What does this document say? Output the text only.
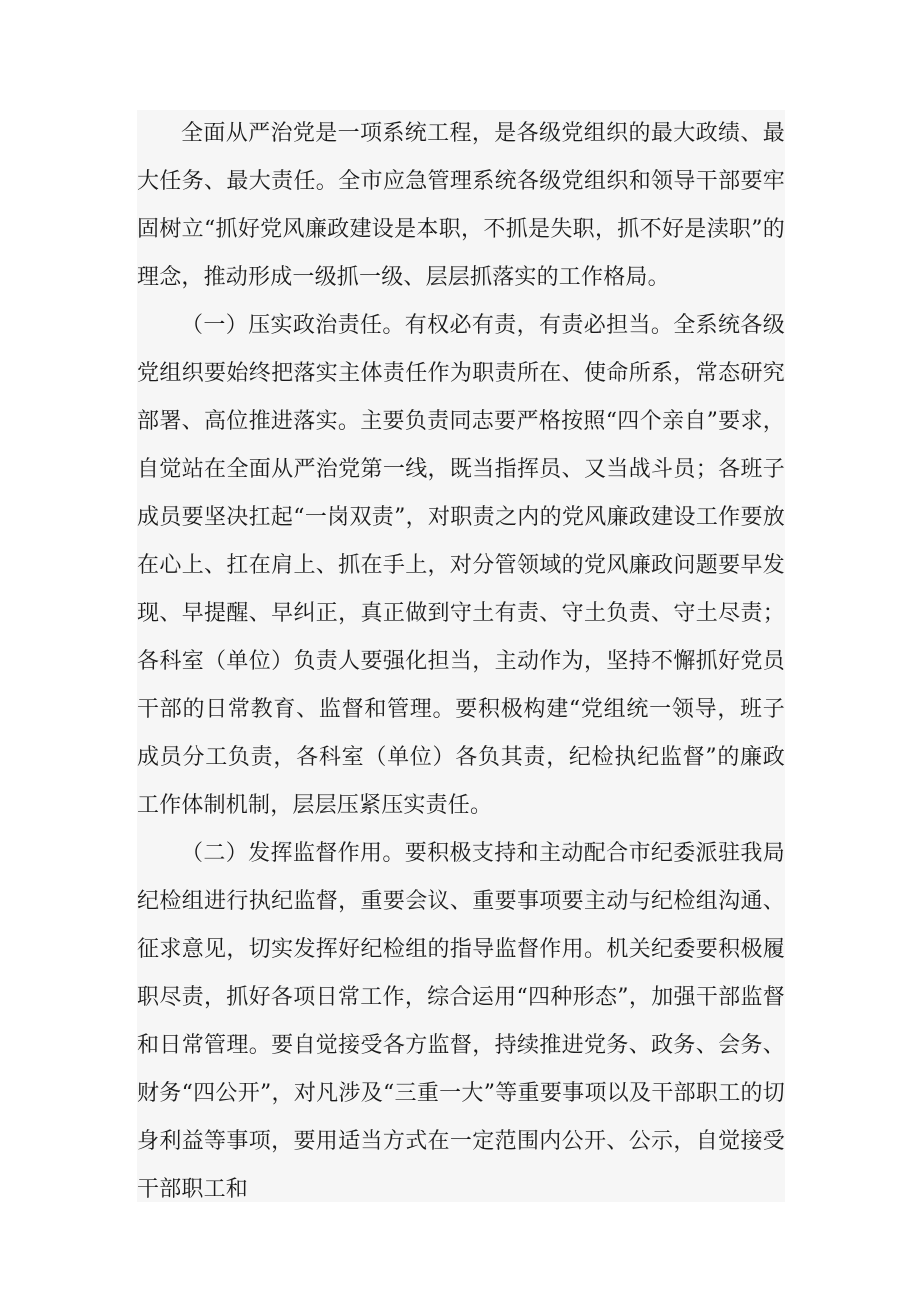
全面从严治党是一项系统工程，是各级党组织的最大政绩、最大任务、最大责任。全市应急管理系统各级党组织和领导干部要牢固树立“抓好党风廉政建设是本职，不抓是失职，抓不好是渎职”的理念，推动形成一级抓一级、层层抓落实的工作格局。

（一）压实政治责任。有权必有责，有责必担当。全系统各级党组织要始终把落实主体责任作为职责所在、使命所系，常态研究部署、高位推进落实。主要负责同志要严格按照“四个亲自”要求，自觉站在全面从严治党第一线，既当指挥员、又当战斗员；各班子成员要坚决扛起“一岗双责”，对职责之内的党风廉政建设工作要放在心上、扛在肩上、抓在手上，对分管领域的党风廉政问题要早发现、早提醒、早纠正，真正做到守土有责、守土负责、守土尽责；各科室（单位）负责人要强化担当，主动作为，坚持不懈抓好党员干部的日常教育、监督和管理。要积极构建“党组统一领导，班子成员分工负责，各科室（单位）各负其责，纪检执纪监督”的廉政工作体制机制，层层压紧压实责任。

（二）发挥监督作用。要积极支持和主动配合市纪委派驻我局纪检组进行执纪监督，重要会议、重要事项要主动与纪检组沟通、征求意见，切实发挥好纪检组的指导监督作用。机关纪委要积极履职尽责，抓好各项日常工作，综合运用“四种形态”，加强干部监督和日常管理。要自觉接受各方监督，持续推进党务、政务、会务、财务“四公开”，对凡涉及“三重一大”等重要事项以及干部职工的切身利益等事项，要用适当方式在一定范围内公开、公示，自觉接受干部职工和
